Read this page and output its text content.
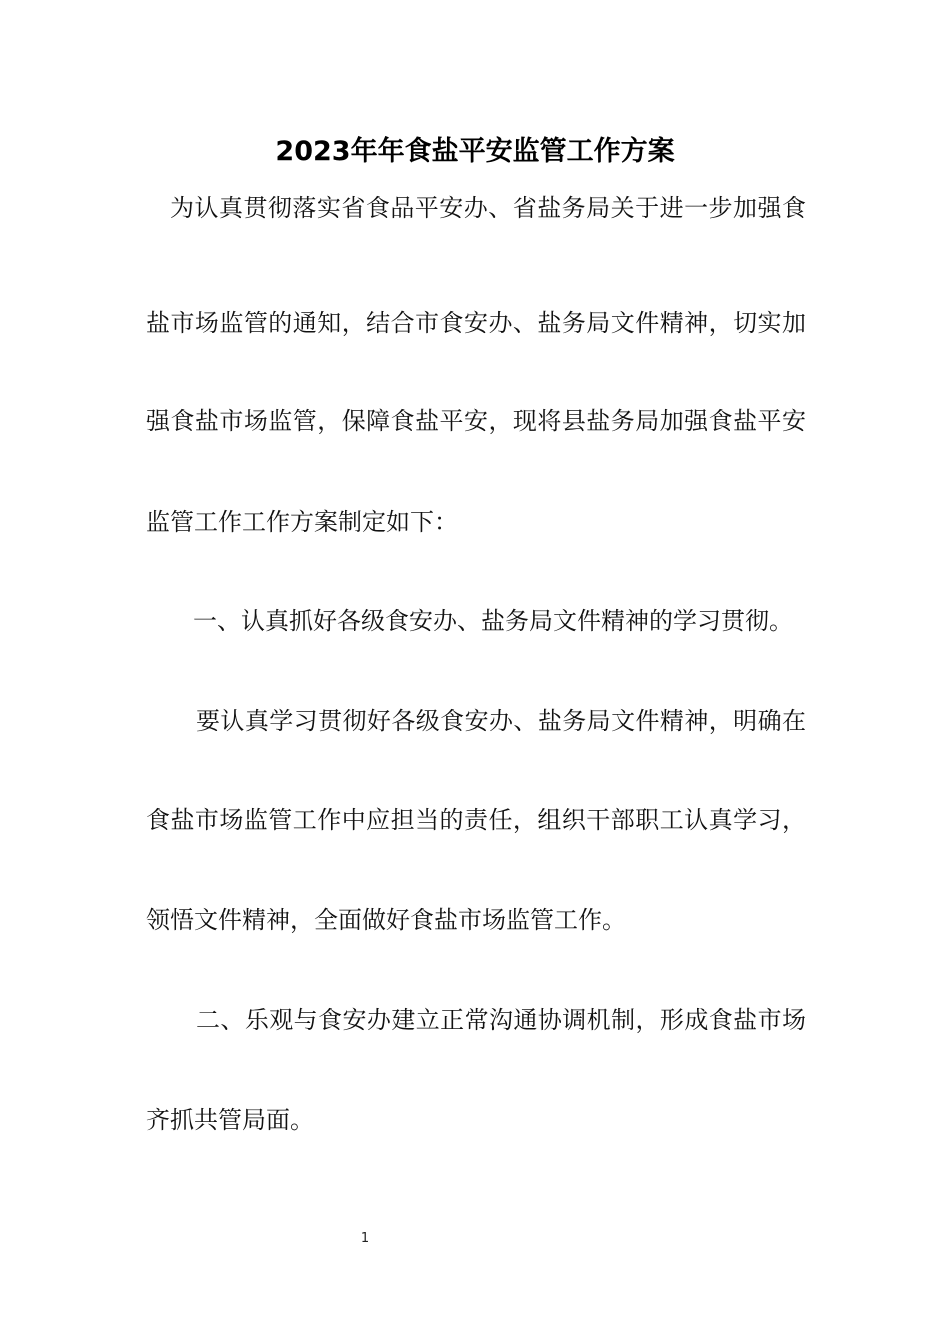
2023年年食盐平安监管工作方案
为认真贯彻落实省食品平安办、省盐务局关于进一步加强食
盐市场监管的通知，结合市食安办、盐务局文件精神，切实加
强食盐市场监管，保障食盐平安，现将县盐务局加强食盐平安
监管工作工作方案制定如下：
一、认真抓好各级食安办、盐务局文件精神的学习贯彻。
要认真学习贯彻好各级食安办、盐务局文件精神，明确在
食盐市场监管工作中应担当的责任，组织干部职工认真学习，
领悟文件精神，全面做好食盐市场监管工作。
二、乐观与食安办建立正常沟通协调机制，形成食盐市场
齐抓共管局面。
1
